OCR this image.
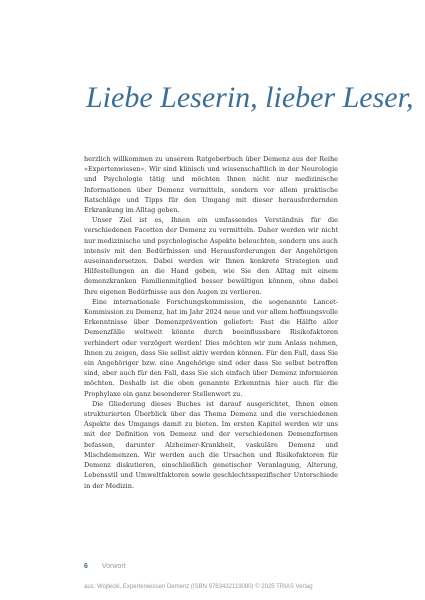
Liebe Leserin, lieber Leser,

herzlich willkommen zu unserem Ratgeberbuch über Demenz aus der Reihe »Expertenwissen«. Wir sind klinisch und wissenschaftlich in der Neurologie und Psychologie tätig und möchten Ihnen nicht nur medizinische Informationen über Demenz vermitteln, sondern vor allem praktische Ratschläge und Tipps für den Umgang mit dieser herausfordernden Erkrankung im Alltag geben.

Unser Ziel ist es, Ihnen ein umfassendes Verständnis für die verschiedenen Facetten der Demenz zu vermitteln. Daher werden wir nicht nur medizinische und psychologische Aspekte beleuchten, sondern uns auch intensiv mit den Bedürfnissen und Herausforderungen der Angehörigen auseinandersetzen. Dabei werden wir Ihnen konkrete Strategien und Hilfestellungen an die Hand geben, wie Sie den Alltag mit einem demenzkranken Familienmitglied besser bewältigen können, ohne dabei Ihre eigenen Bedürfnisse aus den Augen zu verlieren.

Eine internationale Forschungskommission, die sogenannte Lancet-Kommission zu Demenz, hat im Jahr 2024 neue und vor allem hoffnungsvolle Erkenntnisse über Demenzprävention geliefert: Fast die Hälfte aller Demenzfälle weltweit könnte durch beeinflussbare Risikofaktoren verhindert oder verzögert werden! Dies möchten wir zum Anlass nehmen, Ihnen zu zeigen, dass Sie selbst aktiv werden können. Für den Fall, dass Sie ein Angehöriger bzw. eine Angehörige sind oder dass Sie selbst betroffen sind, aber auch für den Fall, dass Sie sich einfach über Demenz informieren möchten. Deshalb ist die oben genannte Erkenntnis hier auch für die Prophylaxe ein ganz besonderer Stellenwert zu.

Die Gliederung dieses Buches ist darauf ausgerichtet, Ihnen einen strukturierten Überblick über das Thema Demenz und die verschiedenen Aspekte des Umgangs damit zu bieten. Im ersten Kapitel werden wir uns mit der Definition von Demenz und der verschiedenen Demenzformen befassen, darunter Alzheimer-Krankheit, vaskuläre Demenz und Mischdemenzen. Wir werden auch die Ursachen und Risikofaktoren für Demenz diskutieren, einschließlich genetischer Veranlagung, Alterung, Lebensstil und Umweltfaktoren sowie geschlechtsspezifischer Unterschiede in der Medizin.

6 Vorwort
aus: Wojtecki, Expertenwissen Demenz (ISBN 9783432119080) © 2025 TRIAS Verlag
